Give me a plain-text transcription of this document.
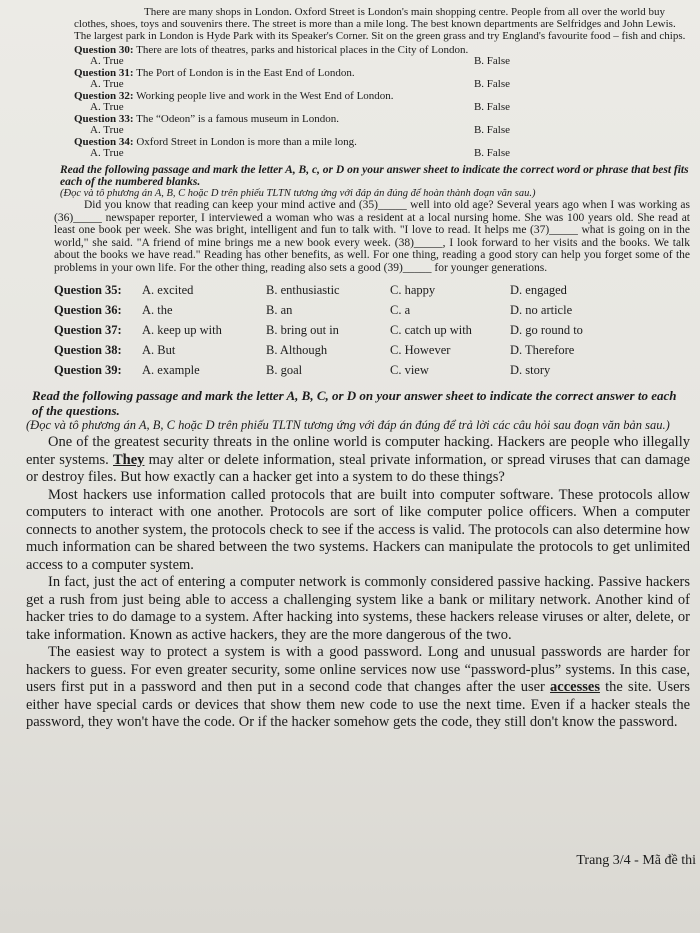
There are many shops in London. Oxford Street is London's main shopping centre. People from all over the world buy clothes, shoes, toys and souvenirs there. The street is more than a mile long. The best known departments are Selfridges and John Lewis. The largest park in London is Hyde Park with its Speaker's Corner. Sit on the green grass and try England's favourite food – fish and chips.
Question 30: There are lots of theatres, parks and historical places in the City of London.
A. True	B. False
Question 31: The Port of London is in the East End of London.
A. True	B. False
Question 32: Working people live and work in the West End of London.
A. True	B. False
Question 33: The “Odeon” is a famous museum in London.
A. True	B. False
Question 34: Oxford Street in London is more than a mile long.
A. True	B. False
Read the following passage and mark the letter A, B, c, or D on your answer sheet to indicate the correct word or phrase that best fits each of the numbered blanks.
(Đọc và tô phương án A, B, C hoặc D trên phiếu TLTN tương ứng với đáp án đúng để hoàn thành đoạn văn sau.)

Did you know that reading can keep your mind active and (35)_____ well into old age? Several years ago when I was working as (36)_____ newspaper reporter, I interviewed a woman who was a resident at a local nursing home. She was 100 years old. She read at least one book per week. She was bright, intelligent and fun to talk with. "I love to read. It helps me (37)_____ what is going on in the world," she said. "A friend of mine brings me a new book every week. (38)_____, I look forward to her visits and the books. We talk about the books we have read." Reading has other benefits, as well. For one thing, reading a good story can help you forget some of the problems in your own life. For the other thing, reading also sets a good (39)_____ for younger generations.

Question 35:	A. excited	B. enthusiastic	C. happy	D. engaged
Question 36:	A. the	B. an	C. a	D. no article
Question 37:	A. keep up with	B. bring out in	C. catch up with	D. go round to
Question 38:	A. But	B. Although	C. However	D. Therefore
Question 39:	A. example	B. goal	C. view	D. story
Read the following passage and mark the letter A, B, C, or D on your answer sheet to indicate the correct answer to each of the questions.
(Đọc và tô phương án A, B, C hoặc D trên phiếu TLTN tương ứng với đáp án đúng để trả lời các câu hỏi sau đoạn văn bản sau.)

One of the greatest security threats in the online world is computer hacking. Hackers are people who illegally enter systems. They may alter or delete information, steal private information, or spread viruses that can damage or destroy files. But how exactly can a hacker get into a system to do these things?

Most hackers use information called protocols that are built into computer software. These protocols allow computers to interact with one another. Protocols are sort of like computer police officers. When a computer connects to another system, the protocols check to see if the access is valid. The protocols can also determine how much information can be shared between the two systems. Hackers can manipulate the protocols to get unlimited access to a computer system.

In fact, just the act of entering a computer network is commonly considered passive hacking. Passive hackers get a rush from just being able to access a challenging system like a bank or military network. Another kind of hacker tries to do damage to a system. After hacking into systems, these hackers release viruses or alter, delete, or take information. Known as active hackers, they are the more dangerous of the two.

The easiest way to protect a system is with a good password. Long and unusual passwords are harder for hackers to guess. For even greater security, some online services now use “password-plus” systems. In this case, users first put in a password and then put in a second code that changes after the user accesses the site. Users either have special cards or devices that show them new code to use the next time. Even if a hacker steals the password, they won't have the code. Or if the hacker somehow gets the code, they still don't know the password.

Trang 3/4 - Mã đề thi
